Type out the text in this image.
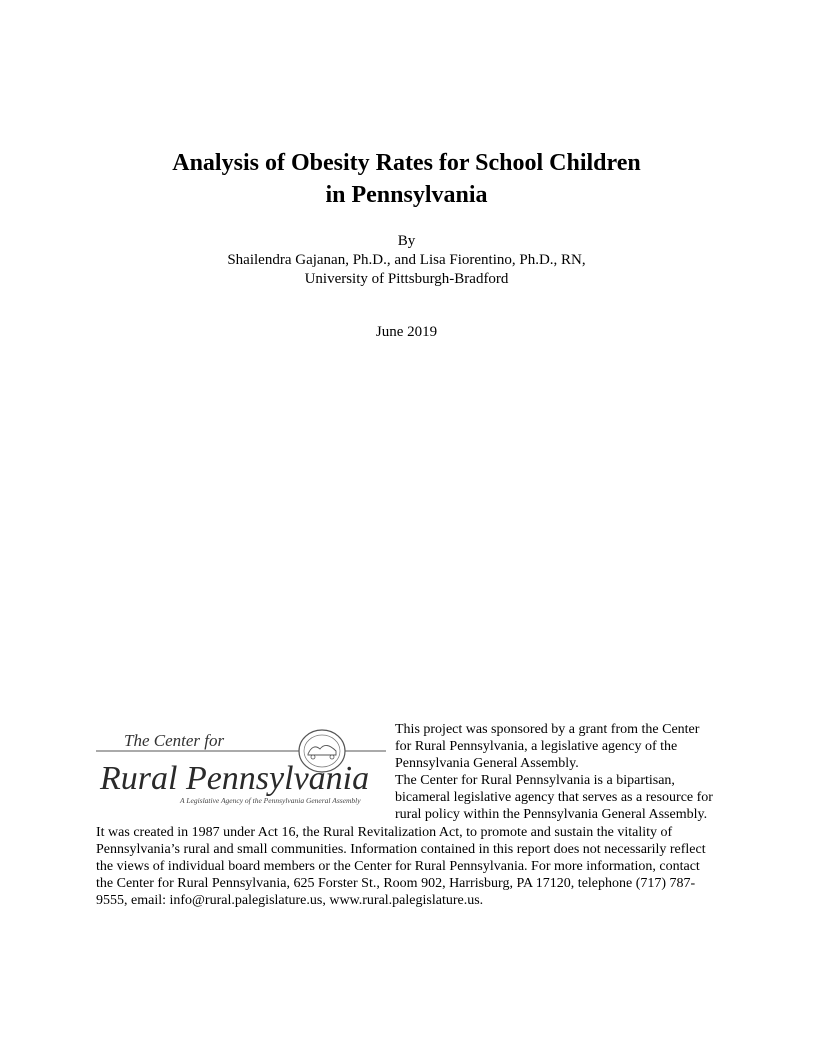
Analysis of Obesity Rates for School Children
in Pennsylvania
By
Shailendra Gajanan, Ph.D., and Lisa Fiorentino, Ph.D., RN,
University of Pittsburgh-Bradford
June 2019
The Center for
Rural Pennsylvania
A Legislative Agency of the Pennsylvania General Assembly

This project was sponsored by a grant from the Center for Rural Pennsylvania, a legislative agency of the Pennsylvania General Assembly.

The Center for Rural Pennsylvania is a bipartisan, bicameral legislative agency that serves as a resource for rural policy within the Pennsylvania General Assembly. It was created in 1987 under Act 16, the Rural Revitalization Act, to promote and sustain the vitality of Pennsylvania’s rural and small communities. Information contained in this report does not necessarily reflect the views of individual board members or the Center for Rural Pennsylvania. For more information, contact the Center for Rural Pennsylvania, 625 Forster St., Room 902, Harrisburg, PA 17120, telephone (717) 787-9555, email: info@rural.palegislature.us, www.rural.palegislature.us.
